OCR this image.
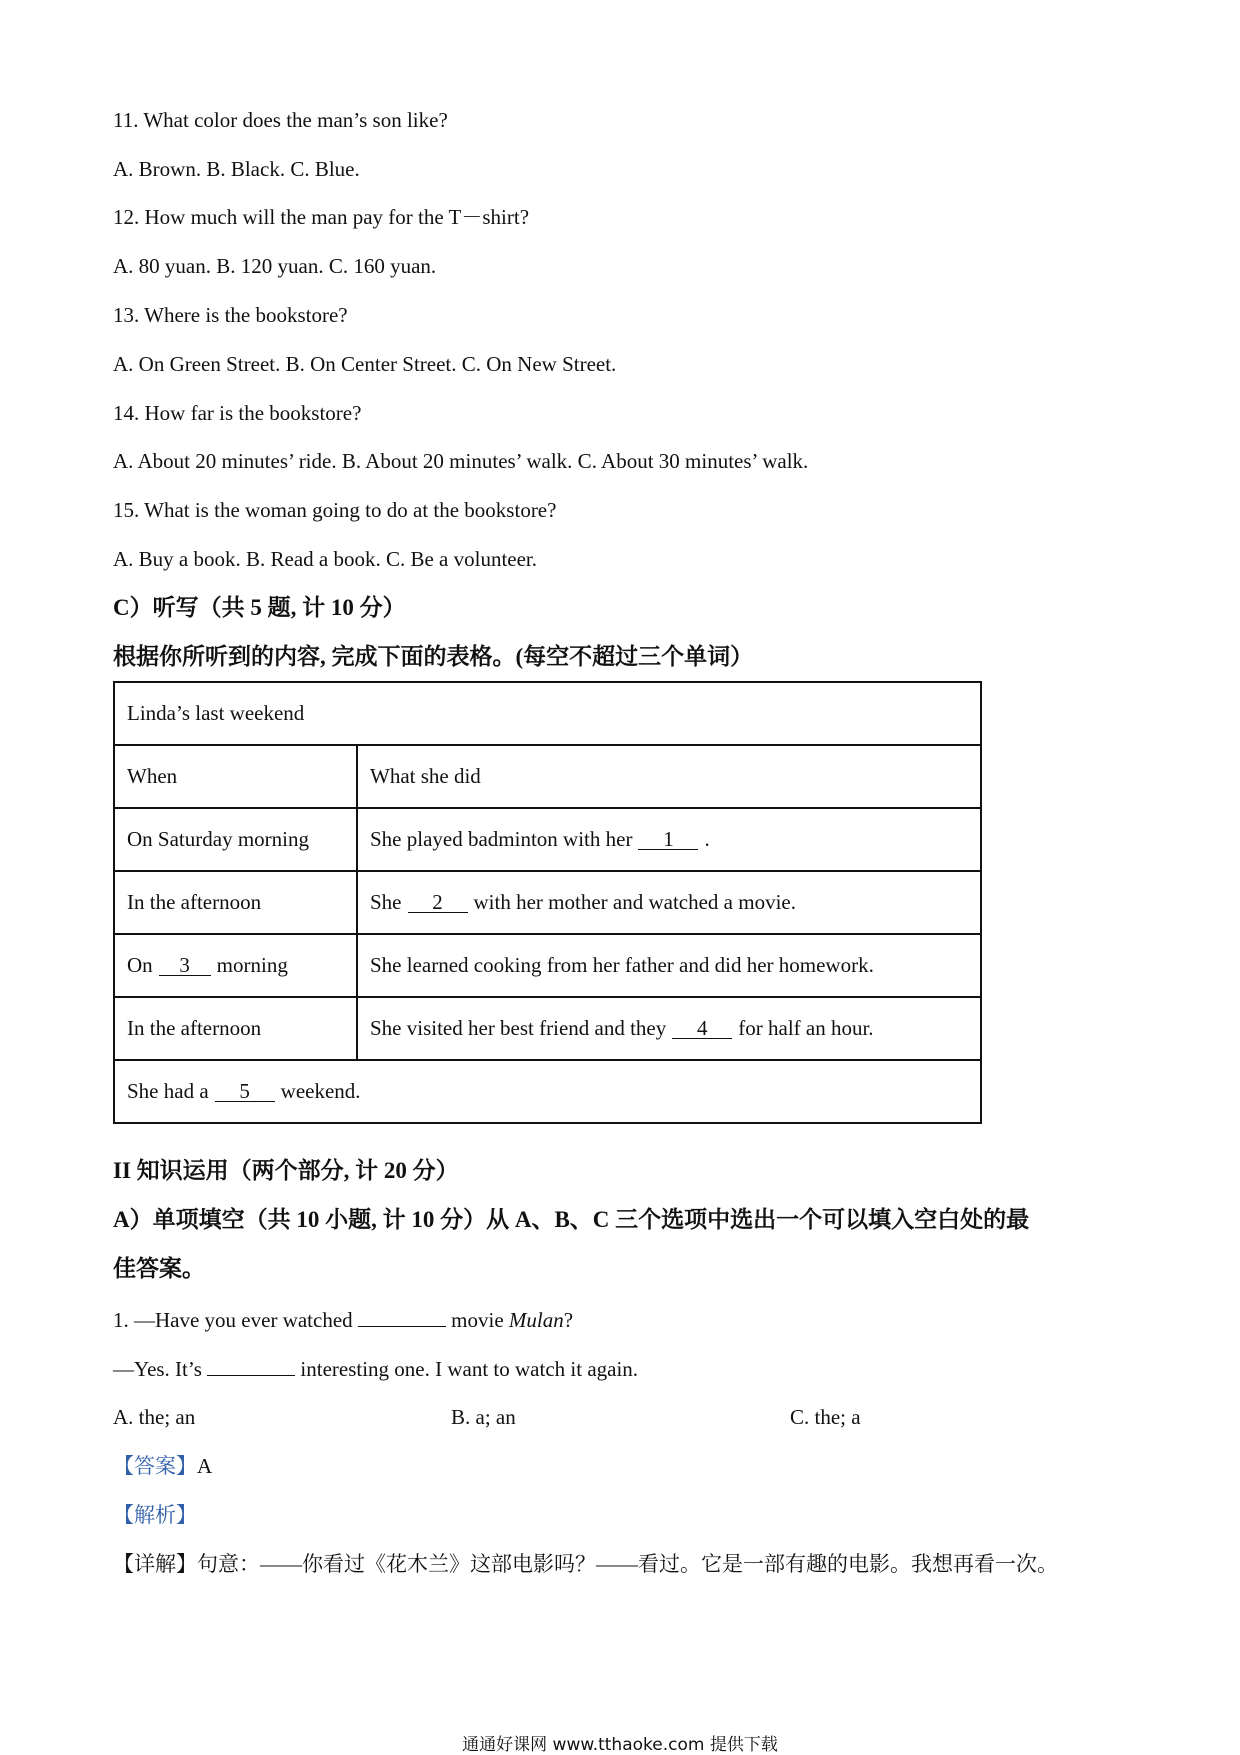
11. What color does the man’s son like?
A. Brown. B. Black. C. Blue.
12. How much will the man pay for the T－shirt?
A. 80 yuan. B. 120 yuan. C. 160 yuan.
13. Where is the bookstore?
A. On Green Street. B. On Center Street. C. On New Street.
14. How far is the bookstore?
A. About 20 minutes’ ride. B. About 20 minutes’ walk. C. About 30 minutes’ walk.
15. What is the woman going to do at the bookstore?
A. Buy a book. B. Read a book. C. Be a volunteer.
C）听写（共 5 题, 计 10 分）
根据你所听到的内容, 完成下面的表格。(每空不超过三个单词）
Linda’s last weekend	
When	What she did
On Saturday morning	She played badminton with her 1 .
In the afternoon	She 2 with her mother and watched a movie.
On 3 morning	She learned cooking from her father and did her homework.
In the afternoon	She visited her best friend and they 4 for half an hour.
She had a 5 weekend.	
II 知识运用（两个部分, 计 20 分）
A）单项填空（共 10 小题, 计 10 分）从 A、B、C 三个选项中选出一个可以填入空白处的最
佳答案。
1. —Have you ever watched	movie Mulan?
—Yes. It’s	interesting one. I want to watch it again.
A. the; an	B. a; an	C. the; a
【答案】A
【解析】
【详解】句意：——你看过《花木兰》这部电影吗？——看过。它是一部有趣的电影。我想再看一次。
通通好课网 www.tthaoke.com 提供下载
